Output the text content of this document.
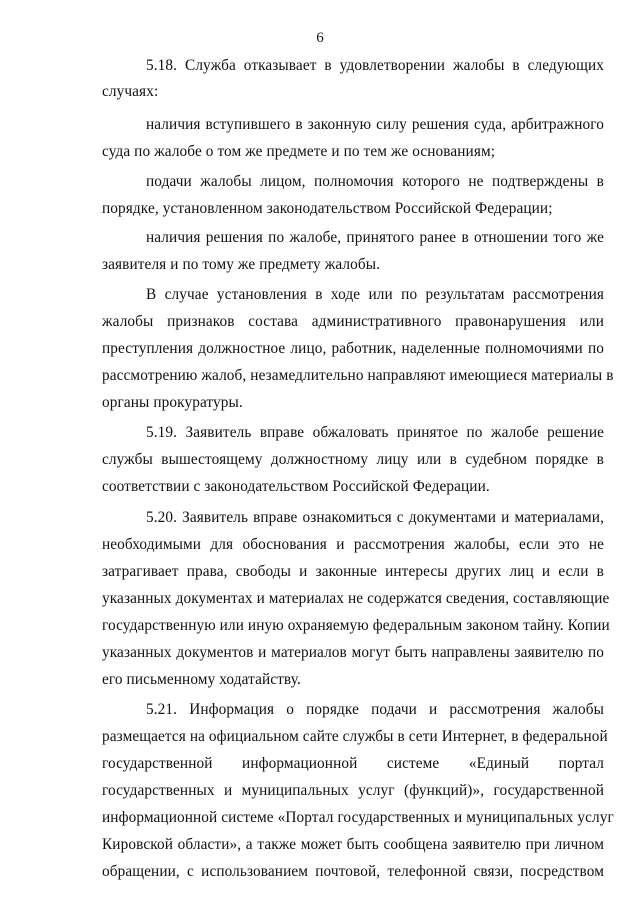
6
5.18. Служба отказывает в удовлетворении жалобы в следующих
случаях:
наличия вступившего в законную силу решения суда, арбитражного
суда по жалобе о том же предмете и по тем же основаниям;
подачи жалобы лицом, полномочия которого не подтверждены в
порядке, установленном законодательством Российской Федерации;
наличия решения по жалобе, принятого ранее в отношении того же
заявителя и по тому же предмету жалобы.
В случае установления в ходе или по результатам рассмотрения
жалобы признаков состава административного правонарушения или
преступления должностное лицо, работник, наделенные полномочиями по
рассмотрению жалоб, незамедлительно направляют имеющиеся материалы в
органы прокуратуры.
5.19. Заявитель вправе обжаловать принятое по жалобе решение
службы вышестоящему должностному лицу или в судебном порядке в
соответствии с законодательством Российской Федерации.
5.20. Заявитель вправе ознакомиться с документами и материалами,
необходимыми для обоснования и рассмотрения жалобы, если это не
затрагивает права, свободы и законные интересы других лиц и если в
указанных документах и материалах не содержатся сведения, составляющие
государственную или иную охраняемую федеральным законом тайну. Копии
указанных документов и материалов могут быть направлены заявителю по
его письменному ходатайству.
5.21. Информация о порядке подачи и рассмотрения жалобы
размещается на официальном сайте службы в сети Интернет, в федеральной
государственной информационной системе «Единый портал
государственных и муниципальных услуг (функций)», государственной
информационной системе «Портал государственных и муниципальных услуг
Кировской области», а также может быть сообщена заявителю при личном
обращении, с использованием почтовой, телефонной связи, посредством
